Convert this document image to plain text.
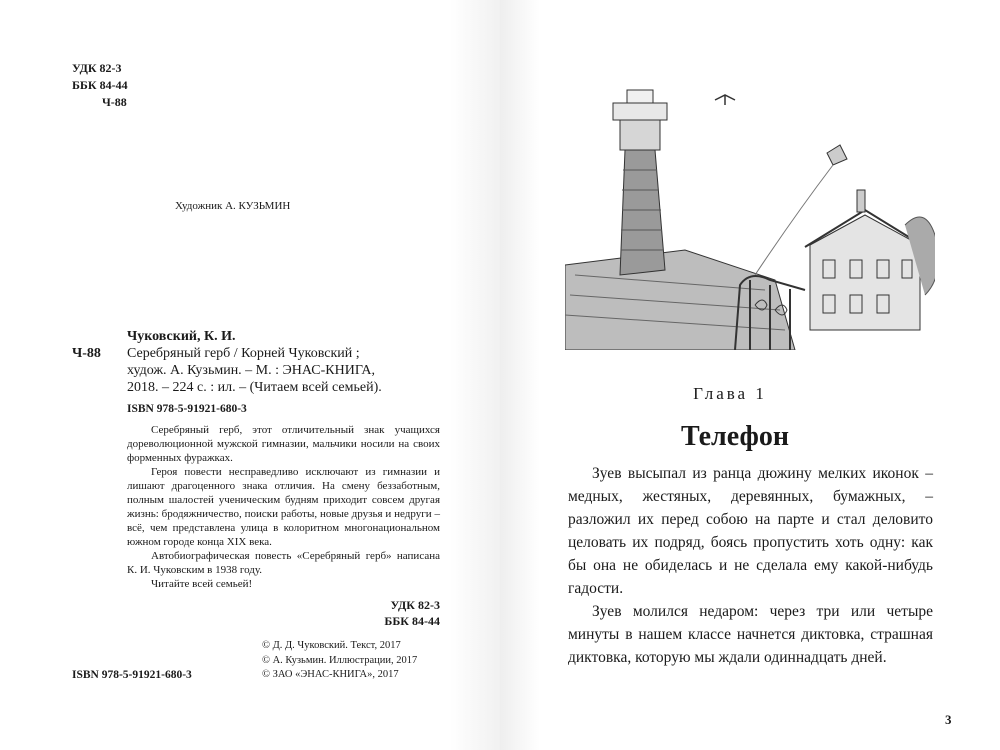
УДК 82-3
ББК 84-44
Ч-88
Художник А. КУЗЬМИН
Чуковский, К. И.
Ч-88	Серебряный герб / Корней Чуковский ;
худож. А. Кузьмин. – М. : ЭНАС-КНИГА,
2018. – 224 с. : ил. – (Читаем всей семьей).
ISBN 978-5-91921-680-3

Серебряный герб, этот отличительный знак учащихся дореволюционной мужской гимназии, мальчики носили на своих форменных фуражках.

Героя повести несправедливо исключают из гимназии и лишают драгоценного знака отличия. На смену беззаботным, полным шалостей ученическим будням приходит совсем другая жизнь: бродяжничество, поиски работы, новые друзья и недруги – всё, чем представлена улица в колоритном многонациональном южном городе конца XIX века.

Автобиографическая повесть «Серебряный герб» написана К. И. Чуковским в 1938 году.

Читайте всей семьей!

УДК 82-3
ББК 84-44
ISBN 978-5-91921-680-3
© Д. Д. Чуковский. Текст, 2017
© А. Кузьмин. Иллюстрации, 2017
© ЗАО «ЭНАС-КНИГА», 2017
Глава 1
Телефон

Зуев высыпал из ранца дюжину мелких иконок – медных, жестяных, деревянных, бумажных, – разложил их перед собою на парте и стал деловито целовать их подряд, боясь пропустить хоть одну: как бы она не обиделась и не сделала ему какой-нибудь гадости.

Зуев молился недаром: через три или четыре минуты в нашем классе начнется диктовка, страшная диктовка, которую мы ждали одиннадцать дней.

3
